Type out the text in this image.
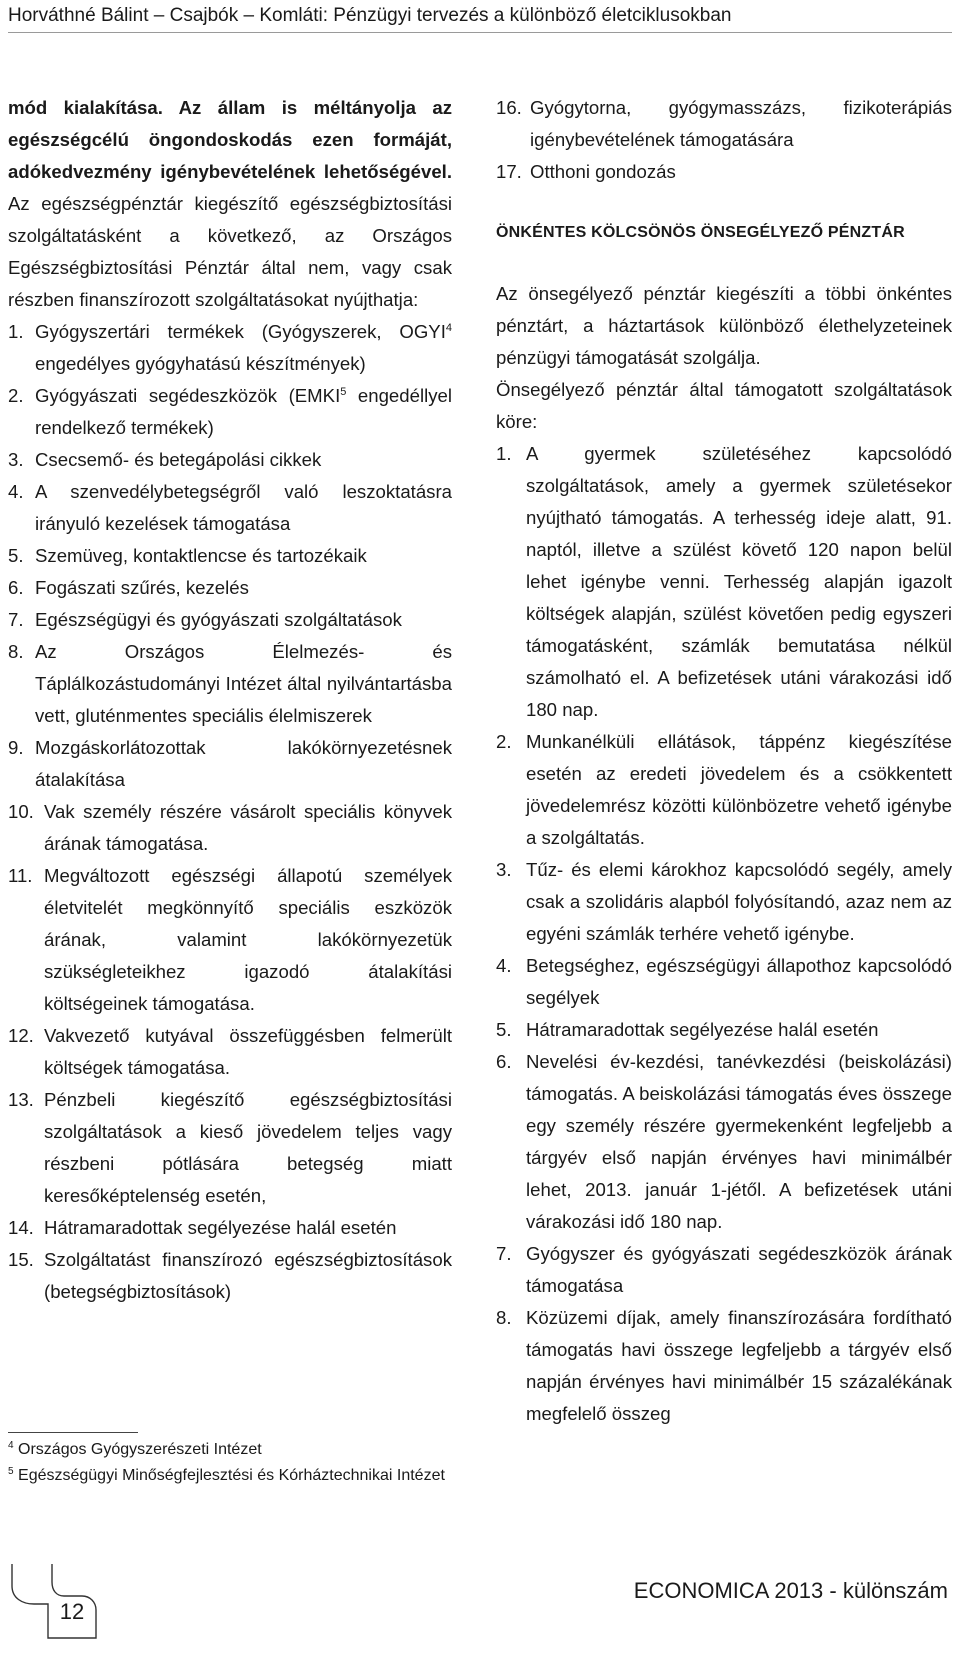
Horváthné Bálint – Csajbók – Komláti: Pénzügyi tervezés a különböző életciklusokban

mód kialakítása. Az állam is méltányolja az egészségcélú öngondoskodás ezen formáját, adókedvezmény igénybevételének lehetőségével. Az egészségpénztár kiegészítő egészségbiztosítási szolgáltatásként a következő, az Országos Egészségbiztosítási Pénztár által nem, vagy csak részben finanszírozott szolgáltatásokat nyújthatja:

1. Gyógyszertári termékek (Gyógyszerek, OGYI$^4$ engedélyes gyógyhatású készítmények)
2. Gyógyászati segédeszközök (EMKI$^5$ engedéllyel rendelkező termékek)
3. Csecsemő- és betegápolási cikkek
4. A szenvedélybetegségről való leszoktatásra irányuló kezelések támogatása
5. Szemüveg, kontaktlencse és tartozékaik
6. Fogászati szűrés, kezelés
7. Egészségügyi és gyógyászati szolgáltatások
8. Az Országos Élelmezés- és Táplálkozástudományi Intézet által nyilvántartásba vett, gluténmentes speciális élelmiszerek
9. Mozgáskorlátozottak lakókörnyezetésnek átalakítása
10. Vak személy részére vásárolt speciális könyvek árának támogatása.
11. Megváltozott egészségi állapotú személyek életvitelét megkönnyítő speciális eszközök árának, valamint lakókörnyezetük szükségleteikhez igazodó átalakítási költségeinek támogatása.
12. Vakvezető kutyával összefüggésben felmerült költségek támogatása.
13. Pénzbeli kiegészítő egészségbiztosítási szolgáltatások a kieső jövedelem teljes vagy részbeni pótlására betegség miatt keresőképtelenség esetén,
14. Hátramaradottak segélyezése halál esetén
15. Szolgáltatást finanszírozó egészségbiztosítások (betegségbiztosítások)
$^4$ Országos Gyógyszerészeti Intézet
$^5$ Egészségügyi Minőségfejlesztési és Kórháztechnikai Intézet
16. Gyógytorna, gyógymasszázs, fizikoterápiás igénybevételének támogatására
17. Otthoni gondozás
ÖNKÉNTES KÖLCSÖNÖS ÖNSEGÉLYEZŐ PÉNZTÁR

Az önsegélyező pénztár kiegészíti a többi önkéntes pénztárt, a háztartások különböző élethelyzeteinek pénzügyi támogatását szolgálja.

Önsegélyező pénztár által támogatott szolgáltatások köre:

1. A gyermek születéséhez kapcsolódó szolgáltatások, amely a gyermek születésekor nyújtható támogatás. A terhesség ideje alatt, 91. naptól, illetve a szülést követő 120 napon belül lehet igénybe venni. Terhesség alapján igazolt költségek alapján, szülést követően pedig egyszeri támogatásként, számlák bemutatása nélkül számolható el. A befizetések utáni várakozási idő 180 nap.
2. Munkanélküli ellátások, táppénz kiegészítése esetén az eredeti jövedelem és a csökkentett jövedelemrész közötti különbözetre vehető igénybe a szolgáltatás.
3. Tűz- és elemi károkhoz kapcsolódó segély, amely csak a szolidáris alapból folyósítandó, azaz nem az egyéni számlák terhére vehető igénybe.
4. Betegséghez, egészségügyi állapothoz kapcsolódó segélyek
5. Hátramaradottak segélyezése halál esetén
6. Nevelési év-kezdési, tanévkezdési (beiskolázási) támogatás. A beiskolázási támogatás éves összege egy személy részére gyermekenként legfeljebb a tárgyév első napján érvényes havi minimálbér lehet, 2013. január 1-jétől. A befizetések utáni várakozási idő 180 nap.
7. Gyógyszer és gyógyászati segédeszközök árának támogatása
8. Közüzemi díjak, amely finanszírozására fordítható támogatás havi összege legfeljebb a tárgyév első napján érvényes havi minimálbér 15 százalékának megfelelő összeg
12
ECONOMICA 2013 - különszám
